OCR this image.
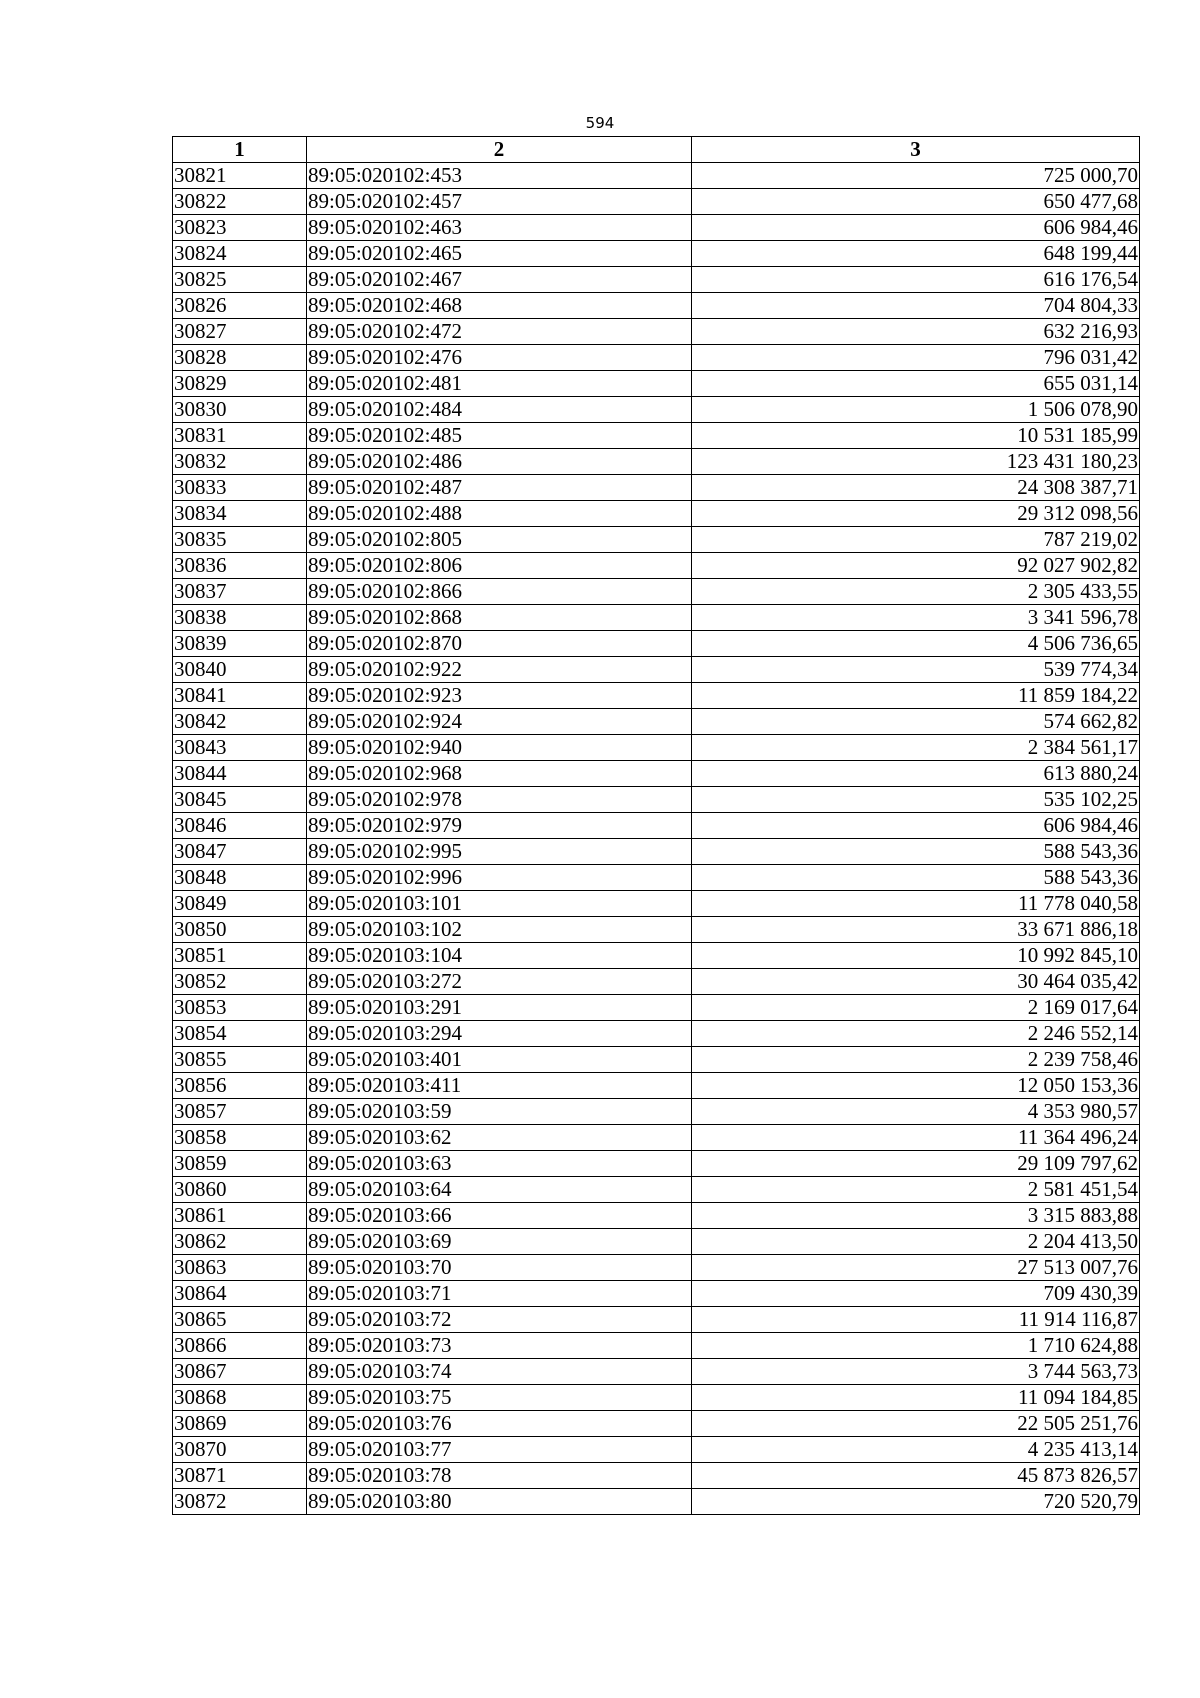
594
1	2	3
30821	89:05:020102:453	725 000,70
30822	89:05:020102:457	650 477,68
30823	89:05:020102:463	606 984,46
30824	89:05:020102:465	648 199,44
30825	89:05:020102:467	616 176,54
30826	89:05:020102:468	704 804,33
30827	89:05:020102:472	632 216,93
30828	89:05:020102:476	796 031,42
30829	89:05:020102:481	655 031,14
30830	89:05:020102:484	1 506 078,90
30831	89:05:020102:485	10 531 185,99
30832	89:05:020102:486	123 431 180,23
30833	89:05:020102:487	24 308 387,71
30834	89:05:020102:488	29 312 098,56
30835	89:05:020102:805	787 219,02
30836	89:05:020102:806	92 027 902,82
30837	89:05:020102:866	2 305 433,55
30838	89:05:020102:868	3 341 596,78
30839	89:05:020102:870	4 506 736,65
30840	89:05:020102:922	539 774,34
30841	89:05:020102:923	11 859 184,22
30842	89:05:020102:924	574 662,82
30843	89:05:020102:940	2 384 561,17
30844	89:05:020102:968	613 880,24
30845	89:05:020102:978	535 102,25
30846	89:05:020102:979	606 984,46
30847	89:05:020102:995	588 543,36
30848	89:05:020102:996	588 543,36
30849	89:05:020103:101	11 778 040,58
30850	89:05:020103:102	33 671 886,18
30851	89:05:020103:104	10 992 845,10
30852	89:05:020103:272	30 464 035,42
30853	89:05:020103:291	2 169 017,64
30854	89:05:020103:294	2 246 552,14
30855	89:05:020103:401	2 239 758,46
30856	89:05:020103:411	12 050 153,36
30857	89:05:020103:59	4 353 980,57
30858	89:05:020103:62	11 364 496,24
30859	89:05:020103:63	29 109 797,62
30860	89:05:020103:64	2 581 451,54
30861	89:05:020103:66	3 315 883,88
30862	89:05:020103:69	2 204 413,50
30863	89:05:020103:70	27 513 007,76
30864	89:05:020103:71	709 430,39
30865	89:05:020103:72	11 914 116,87
30866	89:05:020103:73	1 710 624,88
30867	89:05:020103:74	3 744 563,73
30868	89:05:020103:75	11 094 184,85
30869	89:05:020103:76	22 505 251,76
30870	89:05:020103:77	4 235 413,14
30871	89:05:020103:78	45 873 826,57
30872	89:05:020103:80	720 520,79
